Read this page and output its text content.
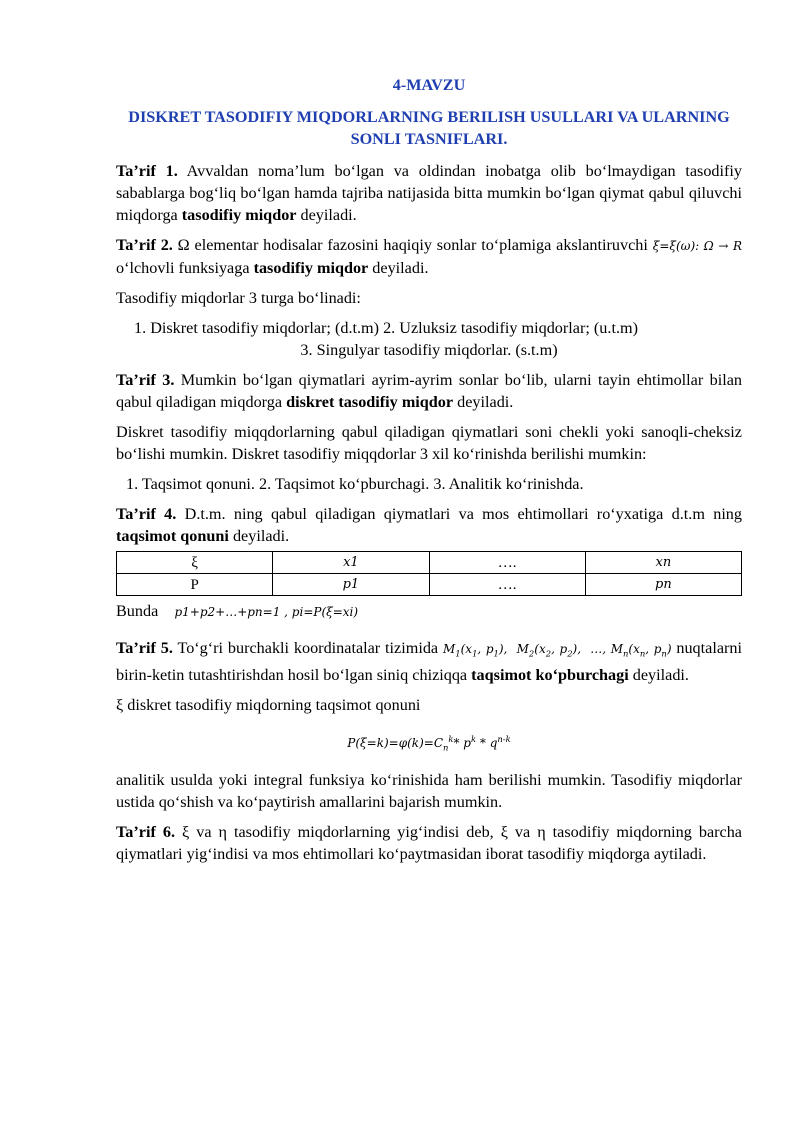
4-MAVZU
DISKRET TASODIFIY MIQDORLARNING BERILISH USULLARI VA ULARNING SONLI TASNIFLARI.

Ta’rif 1. Avvaldan noma’lum bo‘lgan va oldindan inobatga olib bo‘lmaydigan tasodifiy sabablarga bog‘liq bo‘lgan hamda tajriba natijasida bitta mumkin bo‘lgan qiymat qabul qiluvchi miqdorga tasodifiy miqdor deyiladi.

Ta’rif 2. Ω elementar hodisalar fazosini haqiqiy sonlar to‘plamiga akslantiruvchi ξ=ξ(ω): Ω → R o‘lchovli funksiyaga tasodifiy miqdor deyiladi.

Tasodifiy miqdorlar 3 turga bo‘linadi:

1. Diskret tasodifiy miqdorlar; (d.t.m) 2. Uzluksiz tasodifiy miqdorlar; (u.t.m)
3. Singulyar tasodifiy miqdorlar. (s.t.m)

Ta’rif 3. Mumkin bo‘lgan qiymatlari ayrim-ayrim sonlar bo‘lib, ularni tayin ehtimollar bilan qabul qiladigan miqdorga diskret tasodifiy miqdor deyiladi.

Diskret tasodifiy miqqdorlarning qabul qiladigan qiymatlari soni chekli yoki sanoqli-cheksiz bo‘lishi mumkin. Diskret tasodifiy miqqdorlar 3 xil ko‘rinishda berilishi mumkin:

1. Taqsimot qonuni. 2. Taqsimot ko‘pburchagi. 3. Analitik ko‘rinishda.

Ta’rif 4. D.t.m. ning qabul qiladigan qiymatlari va mos ehtimollari ro‘yxatiga d.t.m ning taqsimot qonuni deyiladi.

ξ	x1	….	xn
P	p1	….	pn

Bunda p1+p2+…+pn=1 , pi=P(ξ=xi)

Ta’rif 5. To‘g‘ri burchakli koordinatalar tizimida $M_1(x_1$, $p_1$),  $M_2(x_2$, $p_2$),  …, $M_n(x_n$, $p_n$) nuqtalarni birin-ketin tutashtirishdan hosil bo‘lgan siniq chiziqqa taqsimot ko‘pburchagi deyiladi.

ξ diskret tasodifiy miqdorning taqsimot qonuni

$P(\xi=k)=\varphi(k)=C_n^k*$ $p^k * q^{n-k}$

analitik usulda yoki integral funksiya ko‘rinishida ham berilishi mumkin. Tasodifiy miqdorlar ustida qo‘shish va ko‘paytirish amallarini bajarish mumkin.

Ta’rif 6. ξ va η tasodifiy miqdorlarning yig‘indisi deb, ξ va η tasodifiy miqdorning barcha qiymatlari yig‘indisi va mos ehtimollari ko‘paytmasidan iborat tasodifiy miqdorga aytiladi.
